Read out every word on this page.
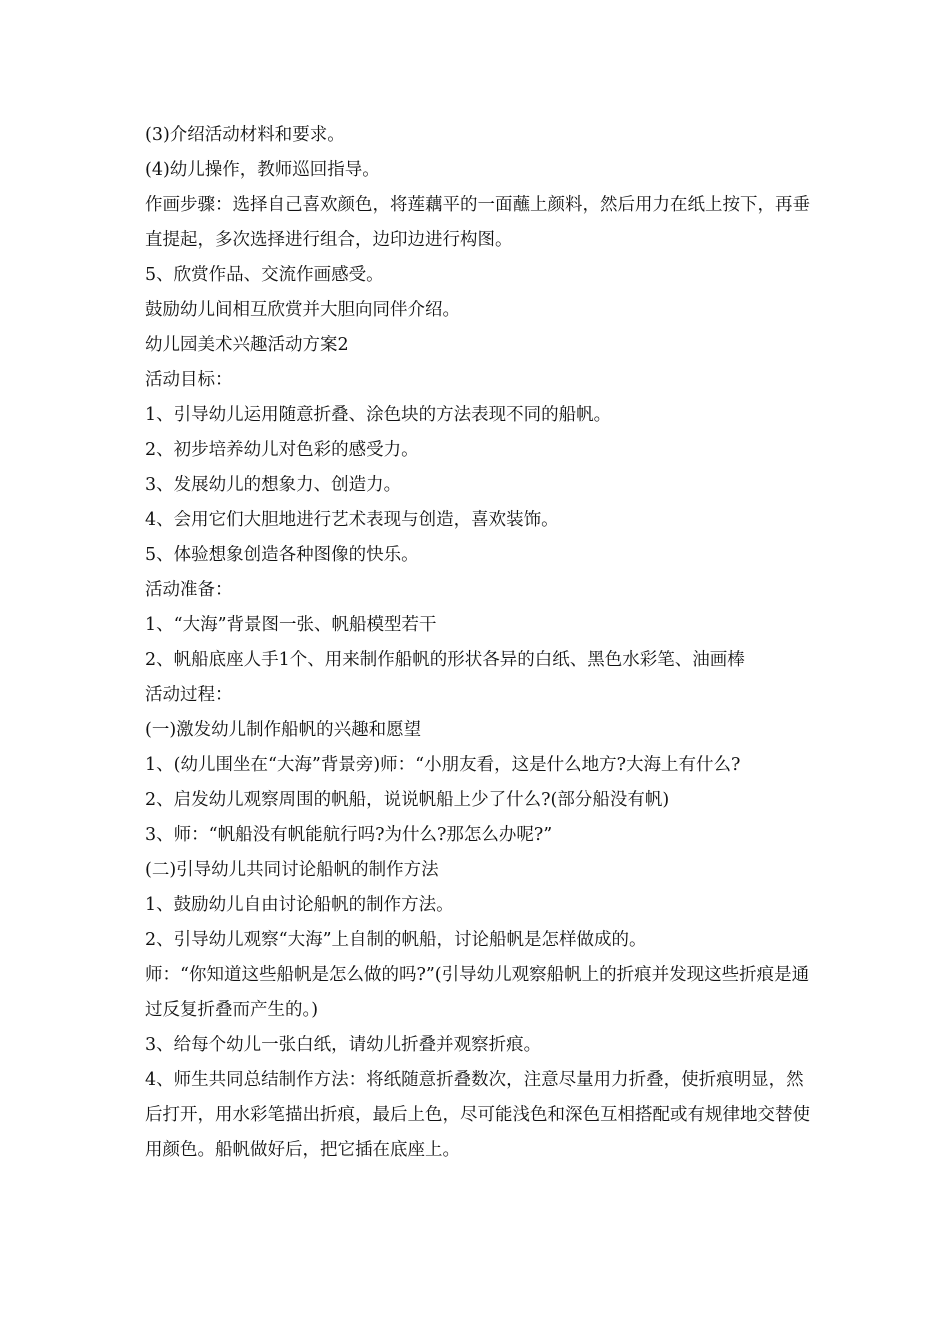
(3)介绍活动材料和要求。

(4)幼儿操作，教师巡回指导。

作画步骤：选择自己喜欢颜色，将莲藕平的一面蘸上颜料，然后用力在纸上按下，再垂直提起，多次选择进行组合，边印边进行构图。

5、欣赏作品、交流作画感受。

鼓励幼儿间相互欣赏并大胆向同伴介绍。

幼儿园美术兴趣活动方案2

活动目标：

1、引导幼儿运用随意折叠、涂色块的方法表现不同的船帆。

2、初步培养幼儿对色彩的感受力。

3、发展幼儿的想象力、创造力。

4、会用它们大胆地进行艺术表现与创造，喜欢装饰。

5、体验想象创造各种图像的快乐。

活动准备：

1、“大海”背景图一张、帆船模型若干

2、帆船底座人手1个、用来制作船帆的形状各异的白纸、黑色水彩笔、油画棒

活动过程：

(一)激发幼儿制作船帆的兴趣和愿望

1、(幼儿围坐在“大海”背景旁)师：“小朋友看，这是什么地方?大海上有什么?

2、启发幼儿观察周围的帆船，说说帆船上少了什么?(部分船没有帆)

3、师：“帆船没有帆能航行吗?为什么?那怎么办呢?”

(二)引导幼儿共同讨论船帆的制作方法

1、鼓励幼儿自由讨论船帆的制作方法。

2、引导幼儿观察“大海”上自制的帆船，讨论船帆是怎样做成的。

师：“你知道这些船帆是怎么做的吗?”(引导幼儿观察船帆上的折痕并发现这些折痕是通过反复折叠而产生的。)

3、给每个幼儿一张白纸，请幼儿折叠并观察折痕。

4、师生共同总结制作方法：将纸随意折叠数次，注意尽量用力折叠，使折痕明显，然后打开，用水彩笔描出折痕，最后上色，尽可能浅色和深色互相搭配或有规律地交替使用颜色。船帆做好后，把它插在底座上。
